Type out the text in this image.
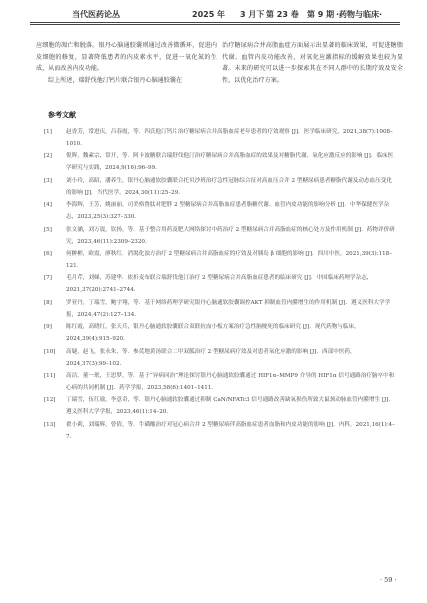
当代医药论丛	2025 年 3 月下 第 23 卷 第 9 期 ·药物与临床·

应细胞的凋亡和脱落。银丹心脑通胶囊则通过改善微循环，促进内皮细胞的修复，显著降低患者的内皮素水平，促进一氧化氮的生成，从而改善内皮功能。

综上所述，瑞舒伐他汀钙片联合银丹心脑通胶囊在

治疗糖尿病合并高脂血症方面展示出显著的临床效果，可促进糖脂代谢、血管内皮功能改善，对氧化应激指标的缓解效果也较为显著。未来的研究可以进一步探索其在不同人群中的长期疗效及安全性，以优化治疗方案。

参考文献
[1]	赵香芳，常进庆，吕春霞，等．四氏他汀钙片治疗糖尿病合并高脂血症老年患者的疗效观察 [J]．医学临床研究，2021,38(7):1008–1010.
[2]	倪晖，魏素宗，常开，等．阿卡波糖联合瑞舒伐他汀治疗糖尿病合并高脂血症的效果及对糖脂代谢、氧化应激反应的影响 [J]．临床医学研究与实践，2024,9(16):96–99.
[3]	刘小玲，高昭，潘养生，银丹心脑通软胶囊联合托贝沙班治疗急性冠脉综合征对高血压合并 2 型糖尿病患者糖脂代谢及动态血压变化的影响 [J]．当代医学，2024,30(11):25–29.
[4]	李海辉，王芳，姚丽丽，司美格鲁肽对肥胖 2 型糖尿病合并高脂血症患者脂糖代谢、血管内皮功能的影响分析 [J]．中华保健医学杂志，2023,25(3):327–330.
[5]	张文涵，刘万震，钦扬，等．基于整合用药及肥大网络探讨中药治疗 2 型糖尿病合并高脂血症的核心处方及作用机制 [J]．药物评价研究，2023,46(11):2309–2320.
[6]	何翀彬，欧震，廖秋红．消渴化浊方治疗 2 型糖尿病合并高脂血症的疗效及对胰岛 β 细胞的影响 [J]．四川中医，2021,39(3):118–121.
[7]	毛月芹，刘娣，苏建华．依折麦布联合瑞舒伐他汀治疗 2 型糖尿病合并高脂血症患者的临床研究 [J]．中国临床药理学杂志，2021,37(20):2741–2744.
[8]	罗亚丹，丁瑞雪，鲍宇翔，等．基于网络药理学研究银丹心脑通软胶囊调控AKT 抑制血管内膜增生的作用机制 [J]．遵义医科大学学报，2024,47(2):127–134.
[9]	陈红霞，高晓红，张天兵，银丹心脑通软胶囊联合双联抗血小板方案治疗急性脑梗死的临床研究 [J]．现代药物与临床，2024,39(4):915–920.
[10] 高婕，赵飞，张永朱，等．参芪地黄汤联合二甲双胍治疗 2 型糖尿病疗效及对患者氧化应激的影响 [J]．西部中医药，2024,37(3):99–102.
[11] 高洁，董一珉，王思梦，等．基于“异病同治”理论探讨银丹心脑通软胶囊通过 HIF1α–MMP9 介导的 HIF1α 信号通路治疗脑卒中和心病的共同机制 [J]．药学学报，2023,58(6):1401–1411.
[12] 丁瑞雪，伍红瑜，李意奇，等．银丹心脑通软胶囊通过抑制 CaN/NFATc3 信号通路改善缺氧损伤所致大鼠颈动脉血管内膜增生 [J]．遵义医科大学学报，2023,46(1):14–20.
[13] 翟小莉，刘瑞辉，曾倩，等．牛磺酸治疗对冠心病合并 2 型糖尿病伴高脂血症患者血脂和内皮功能的影响 [J]．内科，2021,16(1):4–7.
· 59 ·
